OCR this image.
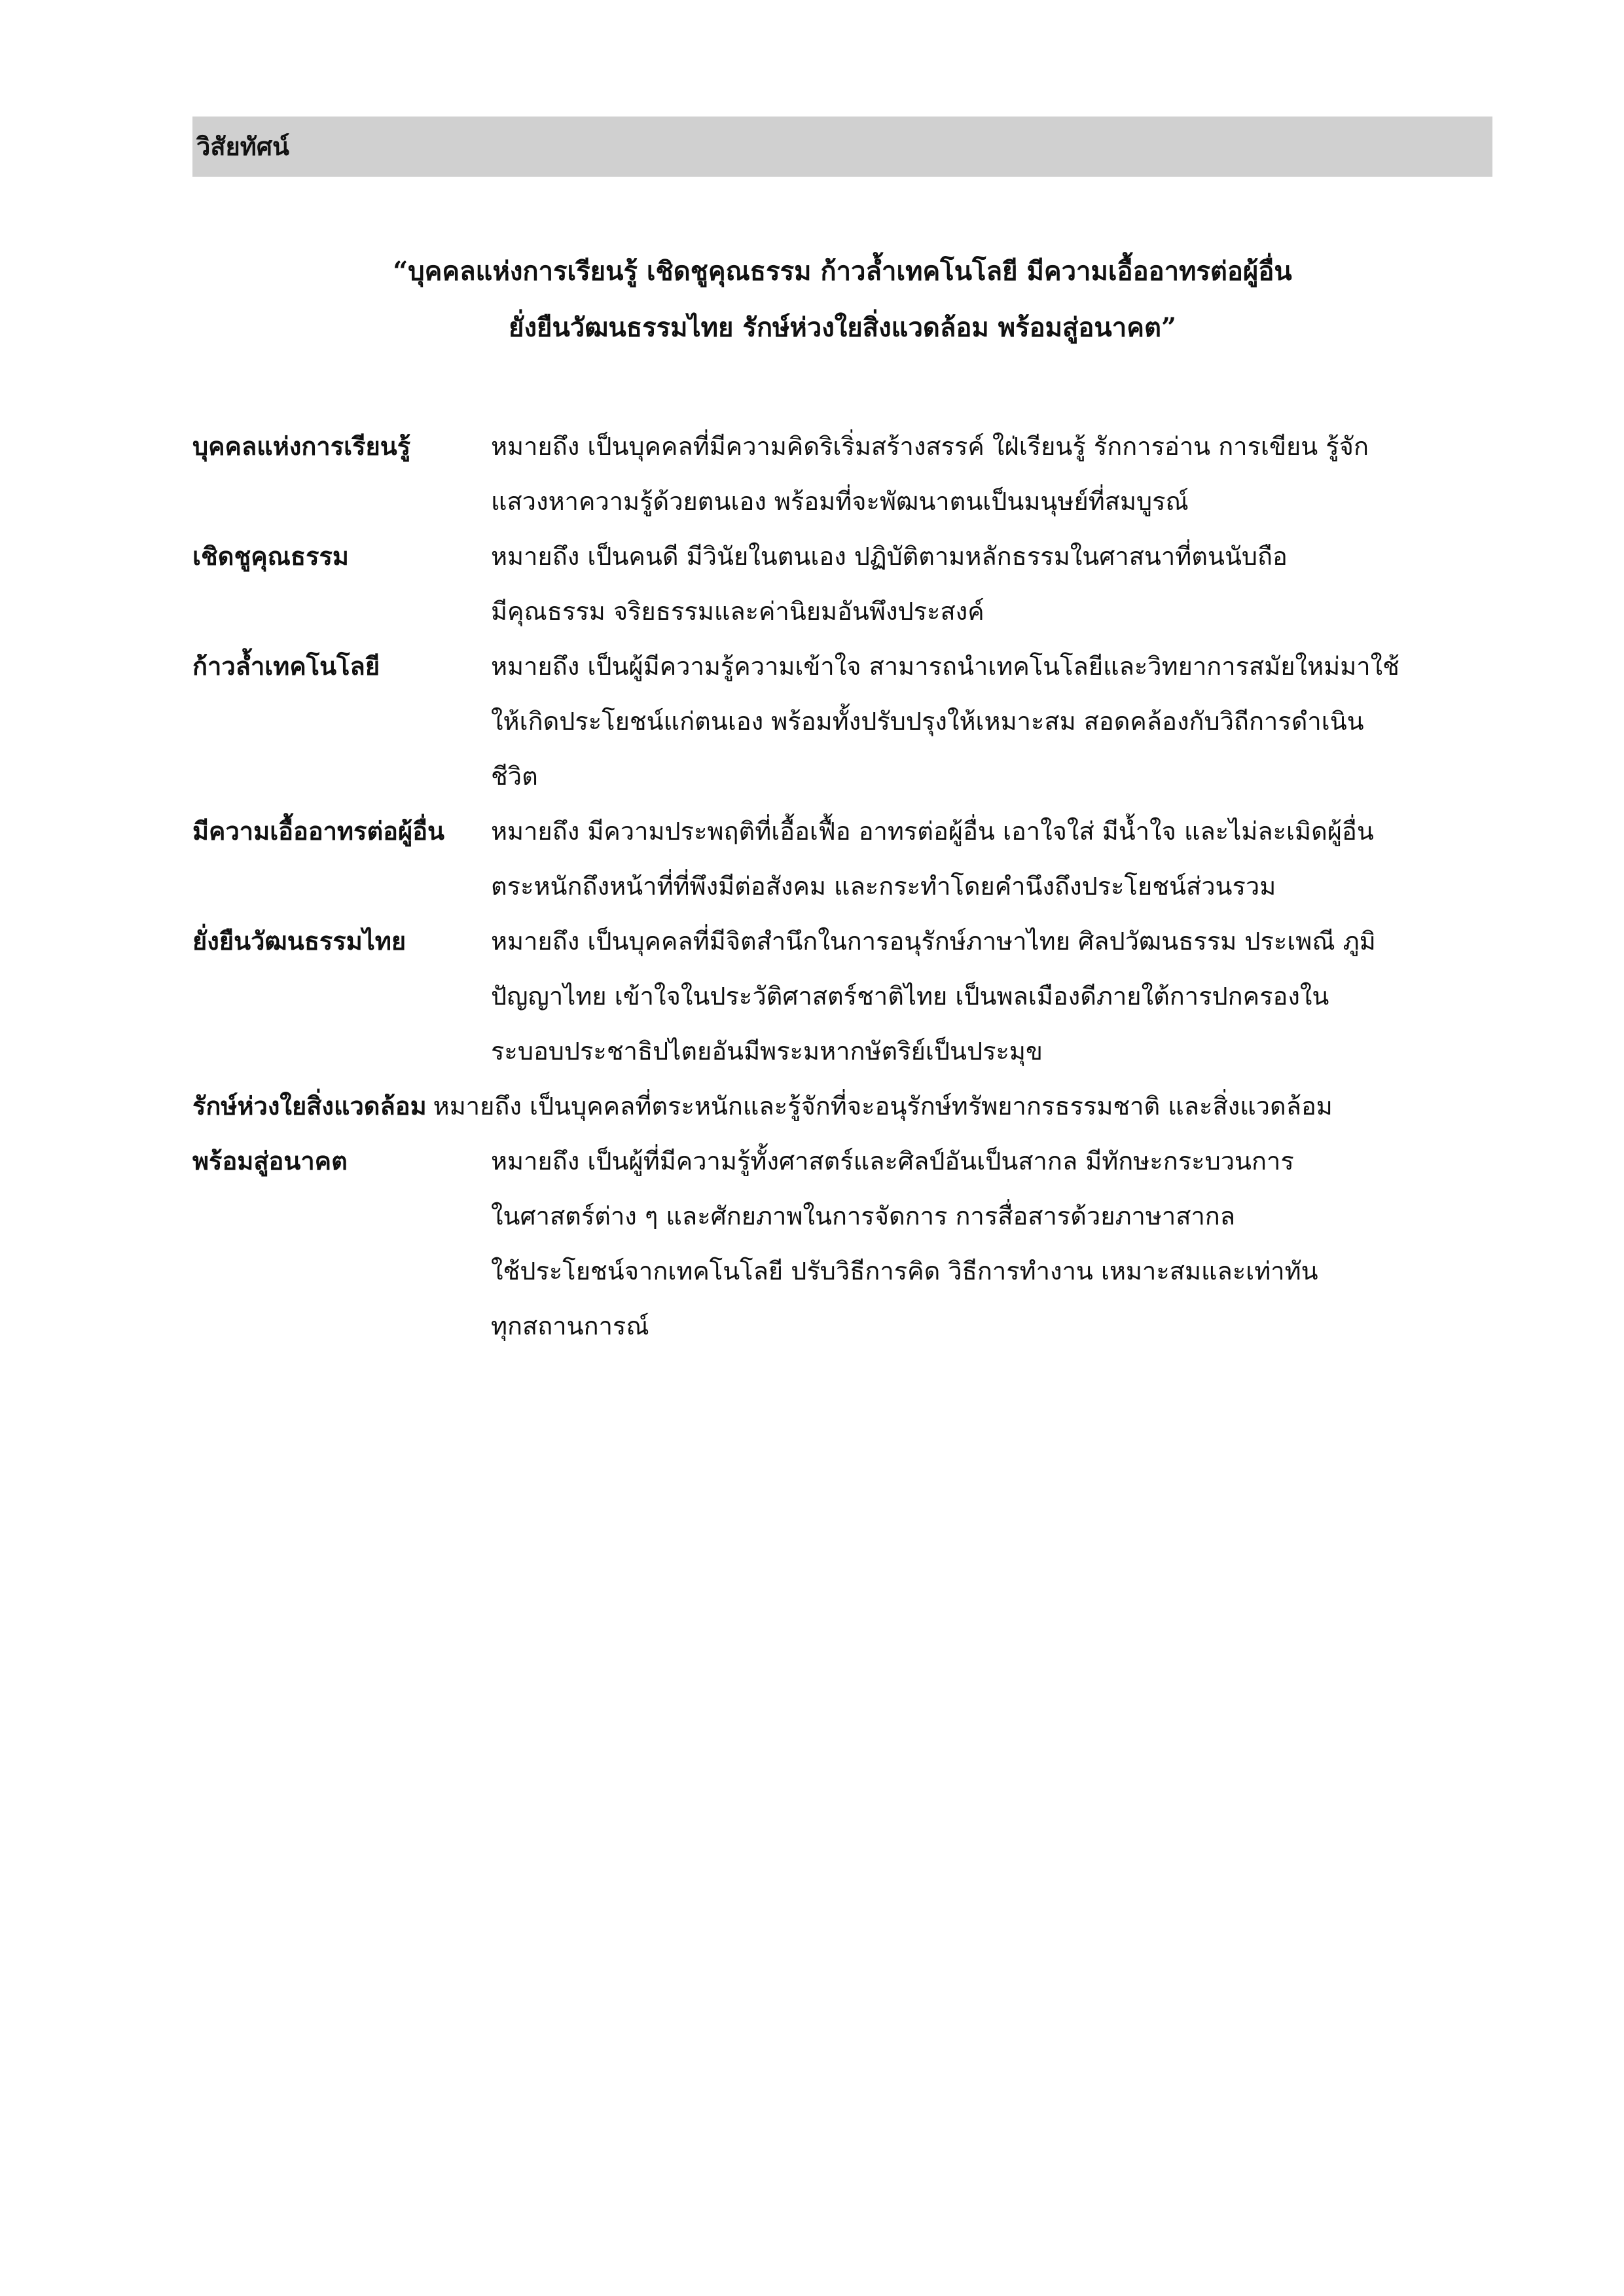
วิสัยทัศน์
“บุคคลแห่งการเรียนรู้ เชิดชูคุณธรรม ก้าวล้ำเทคโนโลยี มีความเอื้ออาทรต่อผู้อื่น
ยั่งยืนวัฒนธรรมไทย รักษ์ห่วงใยสิ่งแวดล้อม พร้อมสู่อนาคต”
บุคคลแห่งการเรียนรู้	หมายถึง เป็นบุคคลที่มีความคิดริเริ่มสร้างสรรค์ ใฝ่เรียนรู้ รักการอ่าน การเขียน รู้จัก
แสวงหาความรู้ด้วยตนเอง พร้อมที่จะพัฒนาตนเป็นมนุษย์ที่สมบูรณ์
เชิดชูคุณธรรม	หมายถึง เป็นคนดี มีวินัยในตนเอง ปฏิบัติตามหลักธรรมในศาสนาที่ตนนับถือ
มีคุณธรรม จริยธรรมและค่านิยมอันพึงประสงค์
ก้าวล้ำเทคโนโลยี	หมายถึง เป็นผู้มีความรู้ความเข้าใจ สามารถนำเทคโนโลยีและวิทยาการสมัยใหม่มาใช้
ให้เกิดประโยชน์แก่ตนเอง พร้อมทั้งปรับปรุงให้เหมาะสม สอดคล้องกับวิถีการดำเนิน
ชีวิต
มีความเอื้ออาทรต่อผู้อื่น	หมายถึง มีความประพฤติที่เอื้อเฟื้อ อาทรต่อผู้อื่น เอาใจใส่ มีน้ำใจ และไม่ละเมิดผู้อื่น
ตระหนักถึงหน้าที่ที่พึงมีต่อสังคม และกระทำโดยคำนึงถึงประโยชน์ส่วนรวม
ยั่งยืนวัฒนธรรมไทย	หมายถึง เป็นบุคคลที่มีจิตสำนึกในการอนุรักษ์ภาษาไทย ศิลปวัฒนธรรม ประเพณี ภูมิ
ปัญญาไทย เข้าใจในประวัติศาสตร์ชาติไทย เป็นพลเมืองดีภายใต้การปกครองใน
ระบอบประชาธิปไตยอันมีพระมหากษัตริย์เป็นประมุข
รักษ์ห่วงใยสิ่งแวดล้อม หมายถึง เป็นบุคคลที่ตระหนักและรู้จักที่จะอนุรักษ์ทรัพยากรธรรมชาติ และสิ่งแวดล้อม
พร้อมสู่อนาคต	หมายถึง เป็นผู้ที่มีความรู้ทั้งศาสตร์และศิลป์อันเป็นสากล มีทักษะกระบวนการ
ในศาสตร์ต่าง ๆ และศักยภาพในการจัดการ การสื่อสารด้วยภาษาสากล
ใช้ประโยชน์จากเทคโนโลยี ปรับวิธีการคิด วิธีการทำงาน เหมาะสมและเท่าทัน
ทุกสถานการณ์
